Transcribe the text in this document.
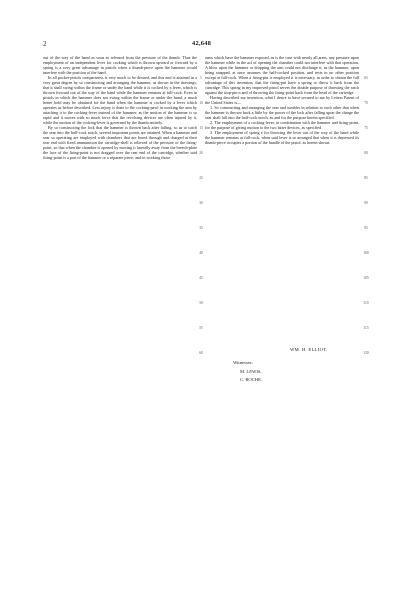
2	42,648

out of the way of the hand as soon as released from the pressure of the thumb. Thus the employment of an independent lever for cocking which is thrown upward or forward by a spring is a very great advantage in pistols when a thumb-piece upon the hammer would interfere with the position of the hand.

In all pocket-pistols compactness is very much to be desired, and this end is attained in a very great degree by so constructing and arranging the hammer, as shown in the drawings, that it shall swing within the frame or under the hand while it is cocked by a lever, which is thrown forward out of the way of the hand while the hammer remains at full-cock. Even in pistols in which the hammer does not swing within the frame or under the hand, a much better hold may be obtained for the hand when the hammer is cocked by a lever which operates as before described. Less injury is done to the cocking-pawl in working the arm by attaching it to the cocking-lever instead of the hammer, as the motion of the hammer is so rapid and it moves with so much force that the revolving devices are often injured by it, while the motion of the cocking-lever is governed by the thumb entirely.

By so constructing the lock that the hammer is thrown back after falling, so as to catch the sear into the half-cock notch, several important points are attained. When a hammer and sear so operating are employed with chambers that are bored through and charged at their rear end with fixed ammunition the cartridge-shell is relieved of the pressure of the firing-point, so that when the chamber is opened by moving it laterally away from the breech-plate the face of the firing-point is not dragged over the rear end of the cartridge, whether said firing-point is a part of the hammer or a separate piece, and in working those

5
10
15
20
25
30
35
40
45
50
55
60

arms which have the hammer exposed, as is the case with nearly all arms, any pressure upon the hammer while in the act of opening the chamber could not interfere with that operation. A blow upon the hammer or dropping the arm could not discharge it, as the hammer, upon being snapped, at once assumes the half-cocked position, and rests in no other position except at full-cock. When a firing-pin is employed it is necessary, in order to obtain the full advantage of this invention, that the firing-pin have a spring to throw it back from the cartridge. This spring in my improved pistol serves the double purpose of throwing the ratch against the stop-pin n and of throwing the firing-point back from the head of the cartridge.

Having described my invention, what I desire to have secured to me by Letters Patent of the United States is—

1. So constructing and arranging the sear and tumbler in relation to each other that when the hammer is thrown back a little by the power of the lock after falling upon the charge the sear shall fall into the half-cock notch, as and for the purpose herein specified.

2. The employment of a cocking-lever, in combination with the hammer and firing-point, for the purpose of giving motion to the two latter devices, as specified.

3. The employment of spring e for throwing the lever out of the way of the hand while the hammer remains at full-cock, when said lever is so arranged that when it is depressed its thumb-piece occupies a portion of the handle of the pistol, as herein shown.

65
70
75
80
85
90
95
100
105
110
115
120
WM. H. ELLIOT.
Witnesses:
M. LEWIS,
C. ROCHE.
